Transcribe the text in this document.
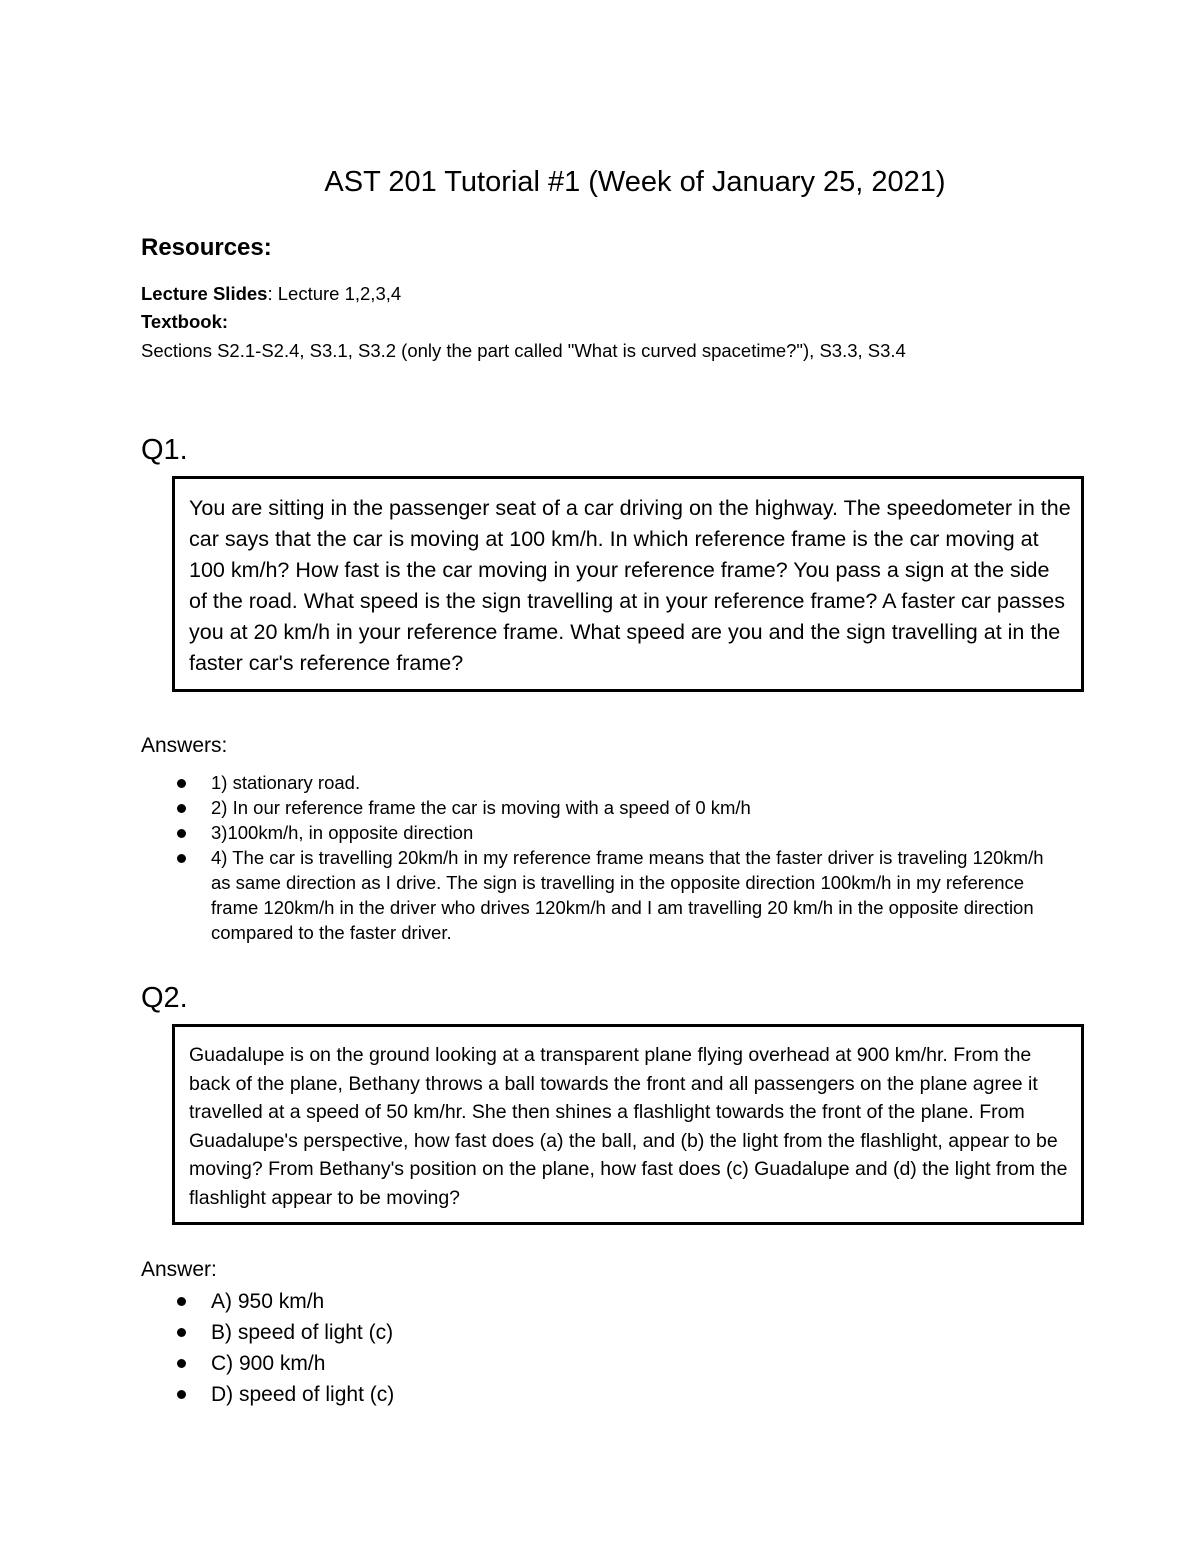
AST 201 Tutorial #1 (Week of January 25, 2021)
Resources:
Lecture Slides: Lecture 1,2,3,4
Textbook:
Sections S2.1-S2.4, S3.1, S3.2 (only the part called "What is curved spacetime?"), S3.3, S3.4
Q1.

You are sitting in the passenger seat of a car driving on the highway. The speedometer in the car says that the car is moving at 100 km/h. In which reference frame is the car moving at 100 km/h? How fast is the car moving in your reference frame? You pass a sign at the side of the road. What speed is the sign travelling at in your reference frame? A faster car passes you at 20 km/h in your reference frame. What speed are you and the sign travelling at in the faster car's reference frame?

Answers:
1) stationary road.
2) In our reference frame the car is moving with a speed of 0 km/h
3)100km/h, in opposite direction
4) The car is travelling 20km/h in my reference frame means that the faster driver is traveling 120km/h as same direction as I drive. The sign is travelling in the opposite direction 100km/h in my reference frame 120km/h in the driver who drives 120km/h and I am travelling 20 km/h in the opposite direction compared to the faster driver.
Q2.

Guadalupe is on the ground looking at a transparent plane flying overhead at 900 km/hr. From the back of the plane, Bethany throws a ball towards the front and all passengers on the plane agree it travelled at a speed of 50 km/hr. She then shines a flashlight towards the front of the plane. From Guadalupe's perspective, how fast does (a) the ball, and (b) the light from the flashlight, appear to be moving? From Bethany's position on the plane, how fast does (c) Guadalupe and (d) the light from the flashlight appear to be moving?

Answer:
A) 950 km/h
B) speed of light (c)
C) 900 km/h
D) speed of light (c)
